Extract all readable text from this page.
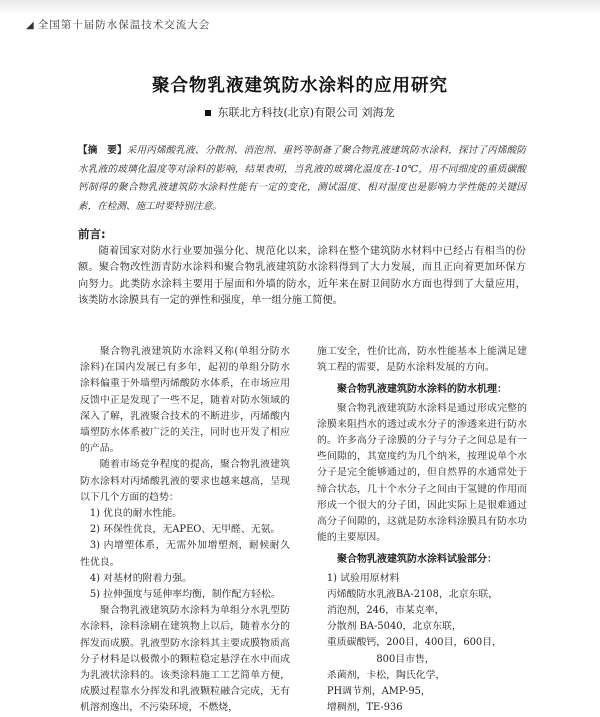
◢ 全国第十届防水保温技术交流大会
聚合物乳液建筑防水涂料的应用研究
东联北方科技(北京)有限公司 刘海龙
【摘　要】采用丙烯酸乳液、分散剂、消泡剂、重钙等制备了聚合物乳液建筑防水涂料，探讨了丙烯酸防水乳液的玻璃化温度等对涂料的影响，结果表明，当乳液的玻璃化温度在-10℃，用不同细度的重质碳酸钙制得的聚合物乳液建筑防水涂料性能有一定的变化，测试温度、相对湿度也是影响力学性能的关键因素，在检测、施工时要特别注意。
前言:
随着国家对防水行业要加强分化、规范化以来，涂料在整个建筑防水材料中已经占有相当的份额。聚合物改性沥青防水涂料和聚合物乳液建筑防水涂料得到了大力发展，而且正向着更加环保方向努力。此类防水涂料主要用于屋面和外墙的防水，近年来在厨卫间防水方面也得到了大量应用，该类防水涂膜具有一定的弹性和强度，单一组分施工简便。

聚合物乳液建筑防水涂料又称(单组分防水涂料)在国内发展已有多年，起初的单组分防水涂料偏重于外墙塑丙烯酸防水体系，在市场应用反馈中正是发现了一些不足，随着对防水领域的深入了解，乳液聚合技术的不断进步，丙烯酸内墙塑防水体系被广泛的关注，同时也开发了相应的产品。

随着市场竞争程度的提高，聚合物乳液建筑防水涂料对丙烯酸乳液的要求也越来越高，呈现以下几个方面的趋势：

1) 优良的耐水性能。

2) 环保性优良，无APEO、无甲醛、无氨。

3) 内增塑体系，无需外加增塑剂，耐候耐久性优良。

4) 对基材的附着力强。

5) 拉伸强度与延伸率均衡，制作配方轻松。

聚合物乳液建筑防水涂料为单组分水乳型防水涂料，涂料涂刷在建筑物上以后，随着水分的挥发而成膜。乳液型防水涂料其主要成膜物质高分子材料是以极微小的颗粒稳定悬浮在水中而成为乳液状涂料的。该类涂料施工工艺简单方便，成膜过程靠水分挥发和乳液颗粒融合完成，无有机溶剂逸出，不污染环境，不燃烧，

施工安全，性价比高，防水性能基本上能满足建筑工程的需要，是防水涂料发展的方向。

聚合物乳液建筑防水涂料的防水机理：

聚合物乳液建筑防水涂料是通过形成完整的涂膜来阻挡水的透过或水分子的渗透来进行防水的。许多高分子涂膜的分子与分子之间总是有一些间隙的，其宽度约为几个纳米，按理说单个水分子是完全能够通过的，但自然界的水通常处于缔合状态，几十个水分子之间由于氢键的作用而形成一个很大的分子团，因此实际上是很难通过高分子间隙的，这就是防水涂料涂膜具有防水功能的主要原因。

聚合物乳液建筑防水涂料试验部分：

1) 试验用原材料

丙烯酸防水乳液BA-2108，北京东联，

消泡剂，246，市某克率，

分散剂 BA-5040，北京东联，

重质碳酸钙，200目，400目，600目，

800目市售，

杀菌剂，卡松，陶氏化学，

PH调节剂，AMP-95，

增稠剂，TE-936
